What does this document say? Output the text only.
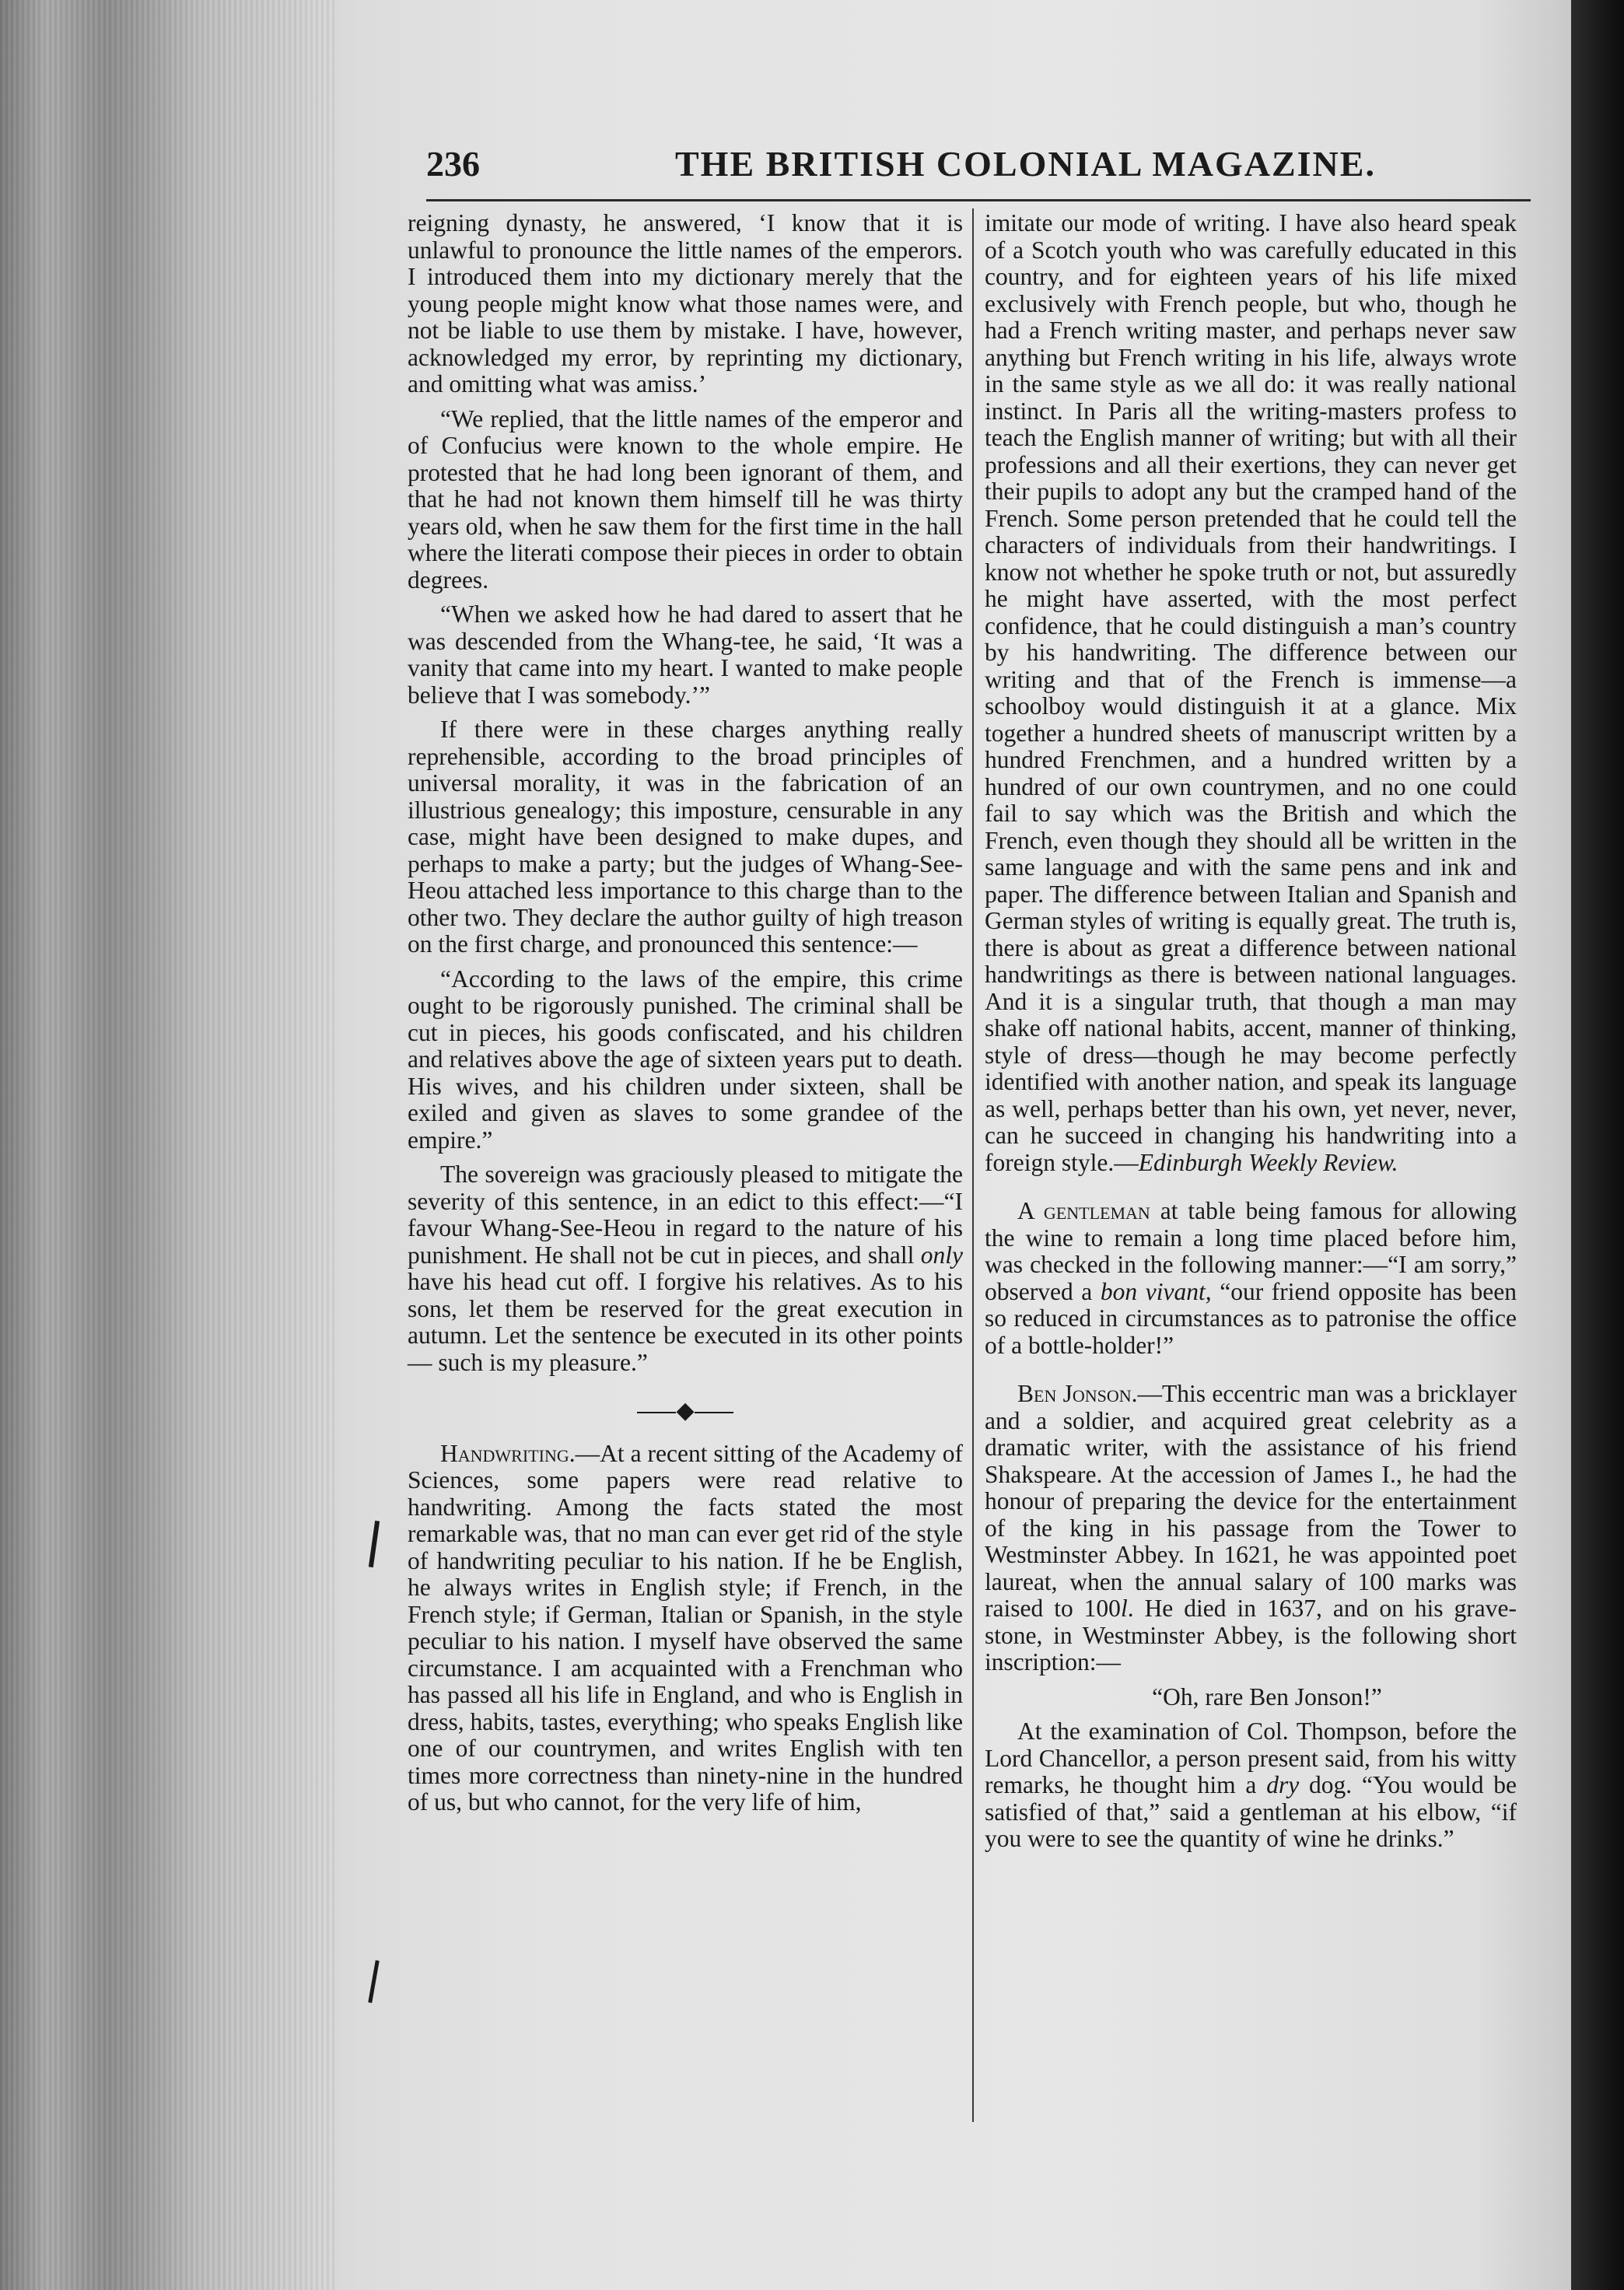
236	THE BRITISH COLONIAL MAGAZINE.

reigning dynasty, he answered, ‘I know that it is unlawful to pronounce the little names of the emperors. I introduced them into my dictionary merely that the young people might know what those names were, and not be liable to use them by mistake. I have, however, acknowledged my error, by reprinting my dictionary, and omitting what was amiss.’

“We replied, that the little names of the emperor and of Confucius were known to the whole empire. He protested that he had long been ignorant of them, and that he had not known them himself till he was thirty years old, when he saw them for the first time in the hall where the literati compose their pieces in order to obtain degrees.

“When we asked how he had dared to assert that he was descended from the Whang-tee, he said, ‘It was a vanity that came into my heart. I wanted to make people believe that I was somebody.’”

If there were in these charges anything really reprehensible, according to the broad principles of universal morality, it was in the fabrication of an illustrious genealogy; this imposture, censurable in any case, might have been designed to make dupes, and perhaps to make a party; but the judges of Whang-See-Heou attached less importance to this charge than to the other two. They declare the author guilty of high treason on the first charge, and pronounced this sentence:—

“According to the laws of the empire, this crime ought to be rigorously punished. The criminal shall be cut in pieces, his goods confiscated, and his children and relatives above the age of sixteen years put to death. His wives, and his children under sixteen, shall be exiled and given as slaves to some grandee of the empire.”

The sovereign was graciously pleased to mitigate the severity of this sentence, in an edict to this effect:—“I favour Whang-See-Heou in regard to the nature of his punishment. He shall not be cut in pieces, and shall only have his head cut off. I forgive his relatives. As to his sons, let them be reserved for the great execution in autumn. Let the sentence be executed in its other points — such is my pleasure.”

◆

Handwriting.—At a recent sitting of the Academy of Sciences, some papers were read relative to handwriting. Among the facts stated the most remarkable was, that no man can ever get rid of the style of handwriting peculiar to his nation. If he be English, he always writes in English style; if French, in the French style; if German, Italian or Spanish, in the style peculiar to his nation. I myself have observed the same circumstance. I am acquainted with a Frenchman who has passed all his life in England, and who is English in dress, habits, tastes, everything; who speaks English like one of our countrymen, and writes English with ten times more correctness than ninety-nine in the hundred of us, but who cannot, for the very life of him,

imitate our mode of writing. I have also heard speak of a Scotch youth who was carefully educated in this country, and for eighteen years of his life mixed exclusively with French people, but who, though he had a French writing master, and perhaps never saw anything but French writing in his life, always wrote in the same style as we all do: it was really national instinct. In Paris all the writing-masters profess to teach the English manner of writing; but with all their professions and all their exertions, they can never get their pupils to adopt any but the cramped hand of the French. Some person pretended that he could tell the characters of individuals from their handwritings. I know not whether he spoke truth or not, but assuredly he might have asserted, with the most perfect confidence, that he could distinguish a man’s country by his handwriting. The difference between our writing and that of the French is immense—a schoolboy would distinguish it at a glance. Mix together a hundred sheets of manuscript written by a hundred Frenchmen, and a hundred written by a hundred of our own countrymen, and no one could fail to say which was the British and which the French, even though they should all be written in the same language and with the same pens and ink and paper. The difference between Italian and Spanish and German styles of writing is equally great. The truth is, there is about as great a difference between national handwritings as there is between national languages. And it is a singular truth, that though a man may shake off national habits, accent, manner of thinking, style of dress—though he may become perfectly identified with another nation, and speak its language as well, perhaps better than his own, yet never, never, can he succeed in changing his handwriting into a foreign style.—Edinburgh Weekly Review.

A gentleman at table being famous for allowing the wine to remain a long time placed before him, was checked in the following manner:—“I am sorry,” observed a bon vivant, “our friend opposite has been so reduced in circumstances as to patronise the office of a bottle-holder!”

Ben Jonson.—This eccentric man was a bricklayer and a soldier, and acquired great celebrity as a dramatic writer, with the assistance of his friend Shakspeare. At the accession of James I., he had the honour of preparing the device for the entertainment of the king in his passage from the Tower to Westminster Abbey. In 1621, he was appointed poet laureat, when the annual salary of 100 marks was raised to 100l. He died in 1637, and on his grave-stone, in Westminster Abbey, is the following short inscription:—

“Oh, rare Ben Jonson!”

At the examination of Col. Thompson, before the Lord Chancellor, a person present said, from his witty remarks, he thought him a dry dog. “You would be satisfied of that,” said a gentleman at his elbow, “if you were to see the quantity of wine he drinks.”
